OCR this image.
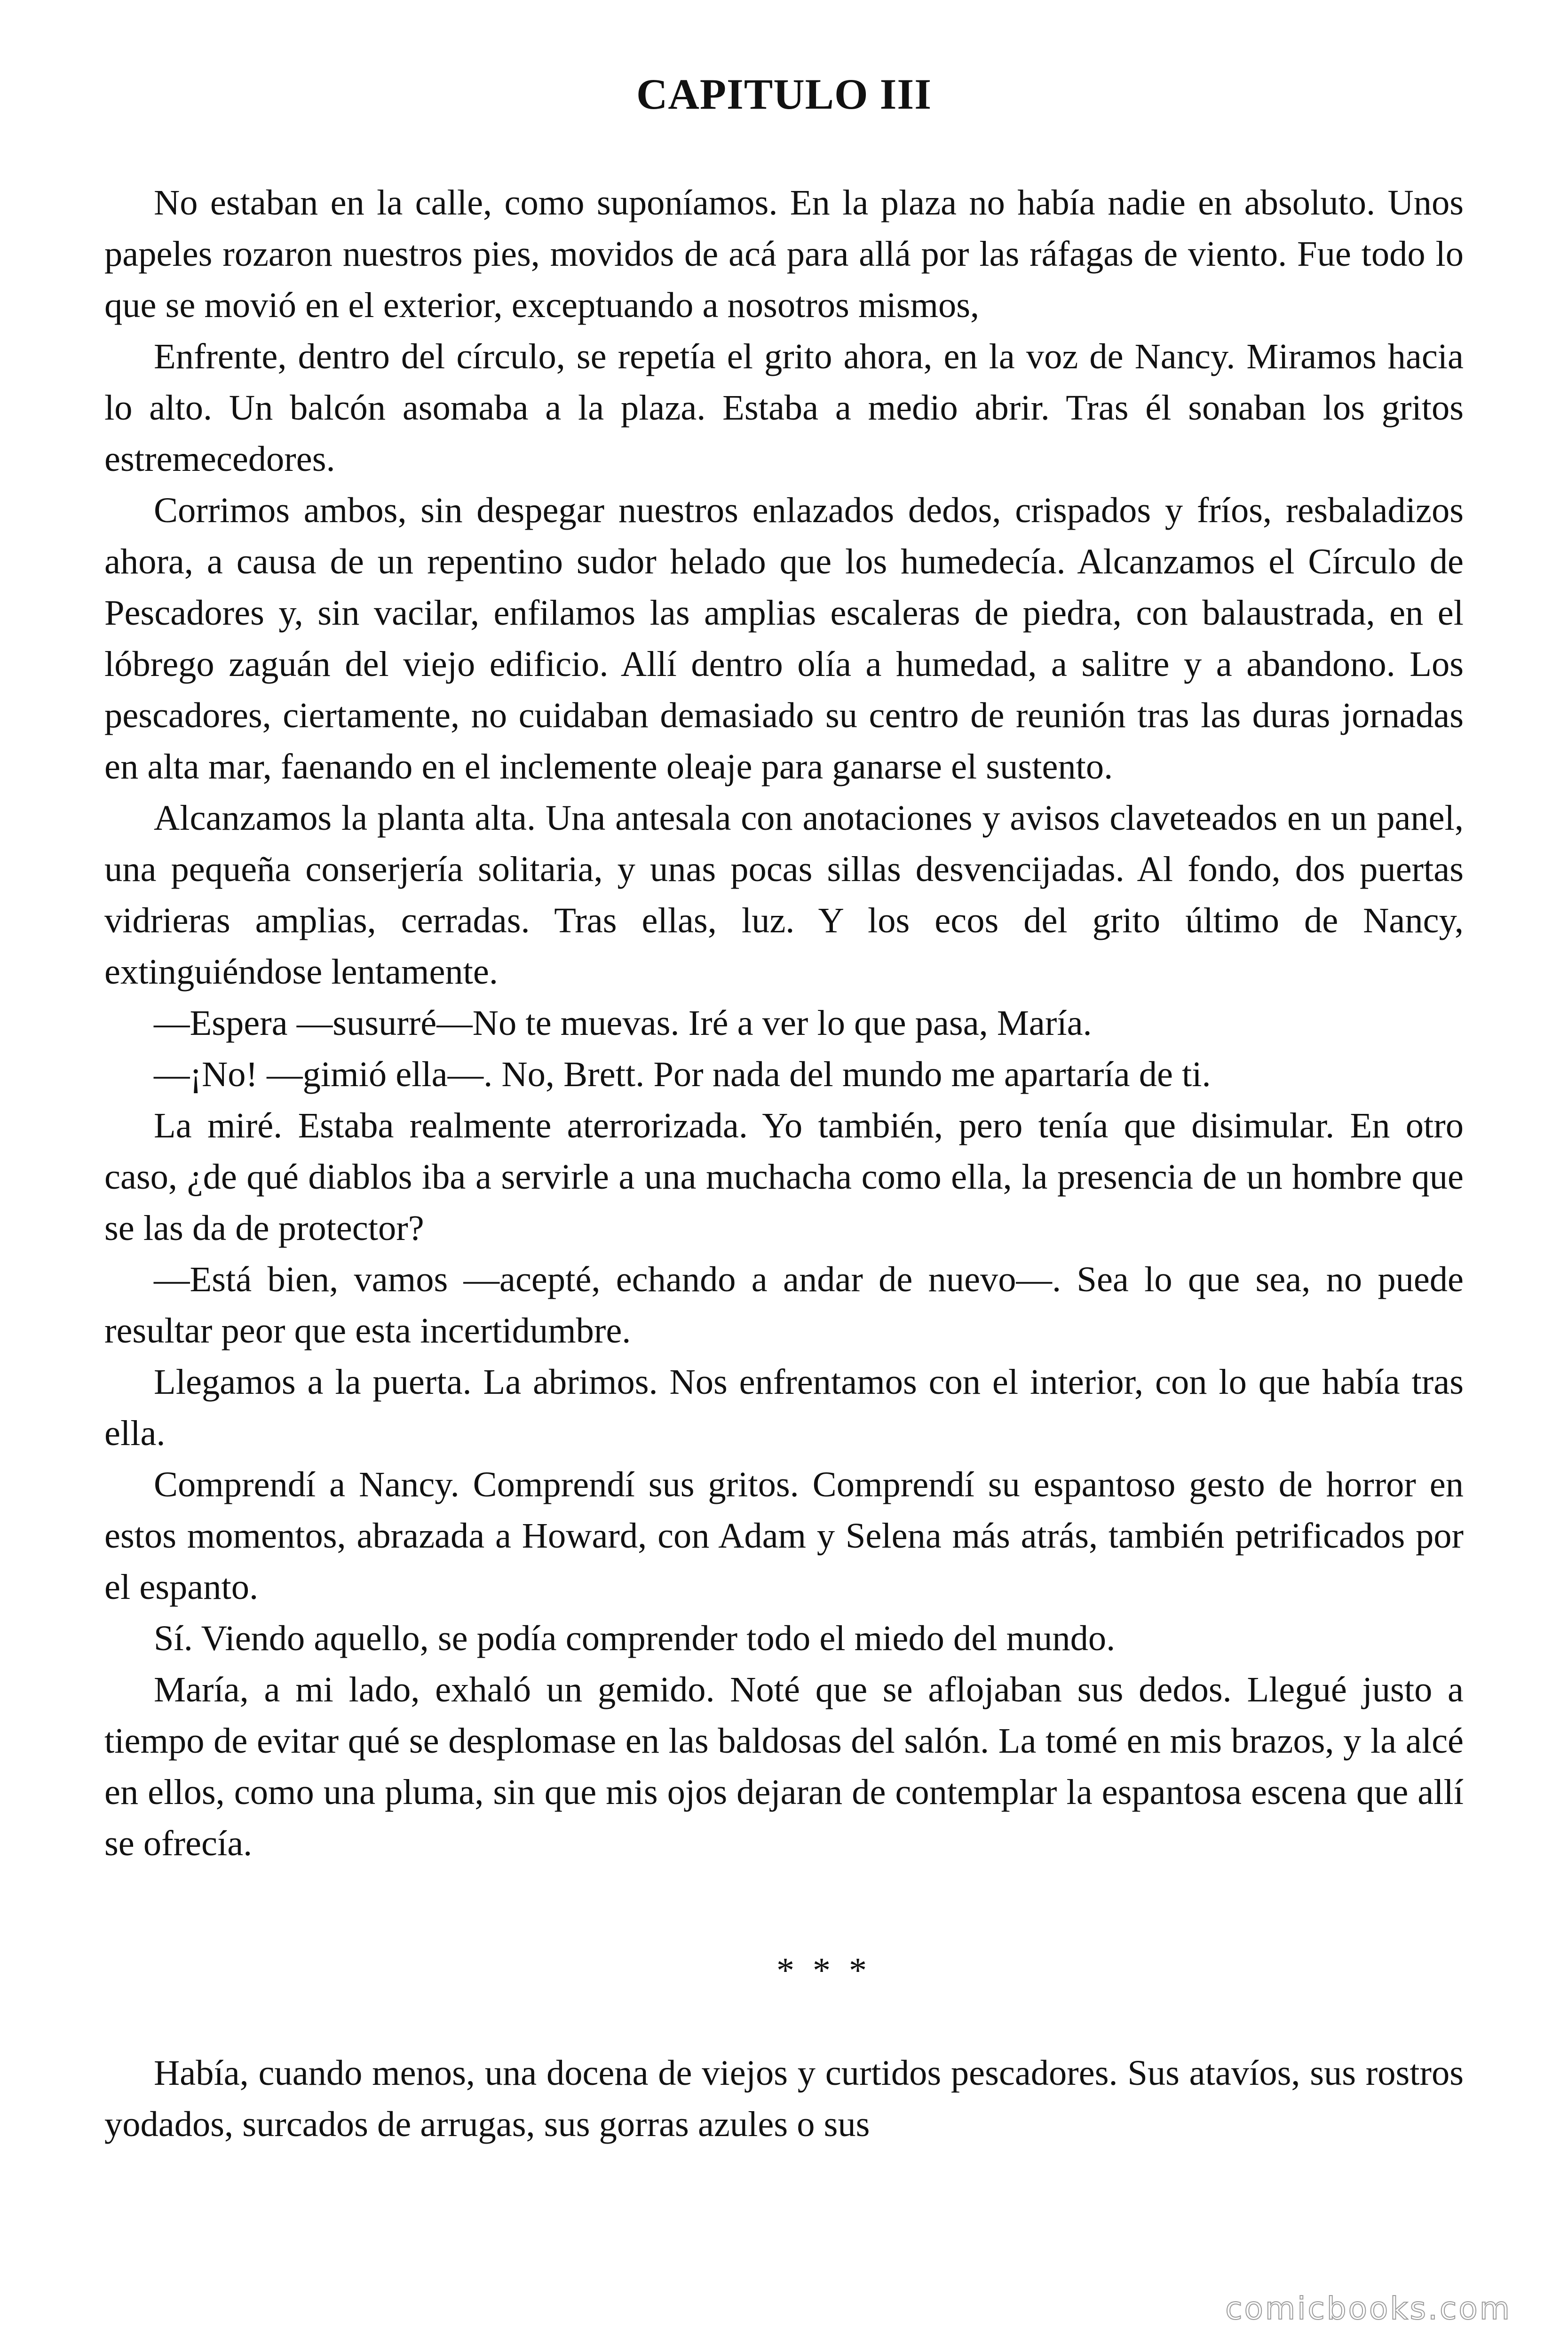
CAPITULO III

No estaban en la calle, como suponíamos. En la plaza no había nadie en absoluto. Unos papeles rozaron nuestros pies, movidos de acá para allá por las ráfagas de viento. Fue todo lo que se movió en el exterior, exceptuando a nosotros mismos,

Enfrente, dentro del círculo, se repetía el grito ahora, en la voz de Nancy. Miramos hacia lo alto. Un balcón asomaba a la plaza. Estaba a medio abrir. Tras él sonaban los gritos estremecedores.

Corrimos ambos, sin despegar nuestros enlazados dedos, crispados y fríos, resbaladizos ahora, a causa de un repentino sudor helado que los humedecía. Alcanzamos el Círculo de Pescadores y, sin vacilar, enfilamos las amplias escaleras de piedra, con balaustrada, en el lóbrego zaguán del viejo edificio. Allí dentro olía a humedad, a salitre y a abandono. Los pescadores, ciertamente, no cuidaban demasiado su centro de reunión tras las duras jornadas en alta mar, faenando en el inclemente oleaje para ganarse el sustento.

Alcanzamos la planta alta. Una antesala con anotaciones y avisos claveteados en un panel, una pequeña conserjería solitaria, y unas pocas sillas desvencijadas. Al fondo, dos puertas vidrieras amplias, cerradas. Tras ellas, luz. Y los ecos del grito último de Nancy, extinguiéndose lentamente.

—Espera —susurré—No te muevas. Iré a ver lo que pasa, María.

—¡No! —gimió ella—. No, Brett. Por nada del mundo me apartaría de ti.

La miré. Estaba realmente aterrorizada. Yo también, pero tenía que disimular. En otro caso, ¿de qué diablos iba a servirle a una muchacha como ella, la presencia de un hombre que se las da de protector?

—Está bien, vamos —acepté, echando a andar de nuevo—. Sea lo que sea, no puede resultar peor que esta incertidumbre.

Llegamos a la puerta. La abrimos. Nos enfrentamos con el interior, con lo que había tras ella.

Comprendí a Nancy. Comprendí sus gritos. Comprendí su espantoso gesto de horror en estos momentos, abrazada a Howard, con Adam y Selena más atrás, también petrificados por el espanto.

Sí. Viendo aquello, se podía comprender todo el miedo del mundo.

María, a mi lado, exhaló un gemido. Noté que se aflojaban sus dedos. Llegué justo a tiempo de evitar qué se desplomase en las baldosas del salón. La tomé en mis brazos, y la alcé en ellos, como una pluma, sin que mis ojos dejaran de contemplar la espantosa escena que allí se ofrecía.

* * *

Había, cuando menos, una docena de viejos y curtidos pescadores. Sus atavíos, sus rostros yodados, surcados de arrugas, sus gorras azules o sus

comicbooks.com
